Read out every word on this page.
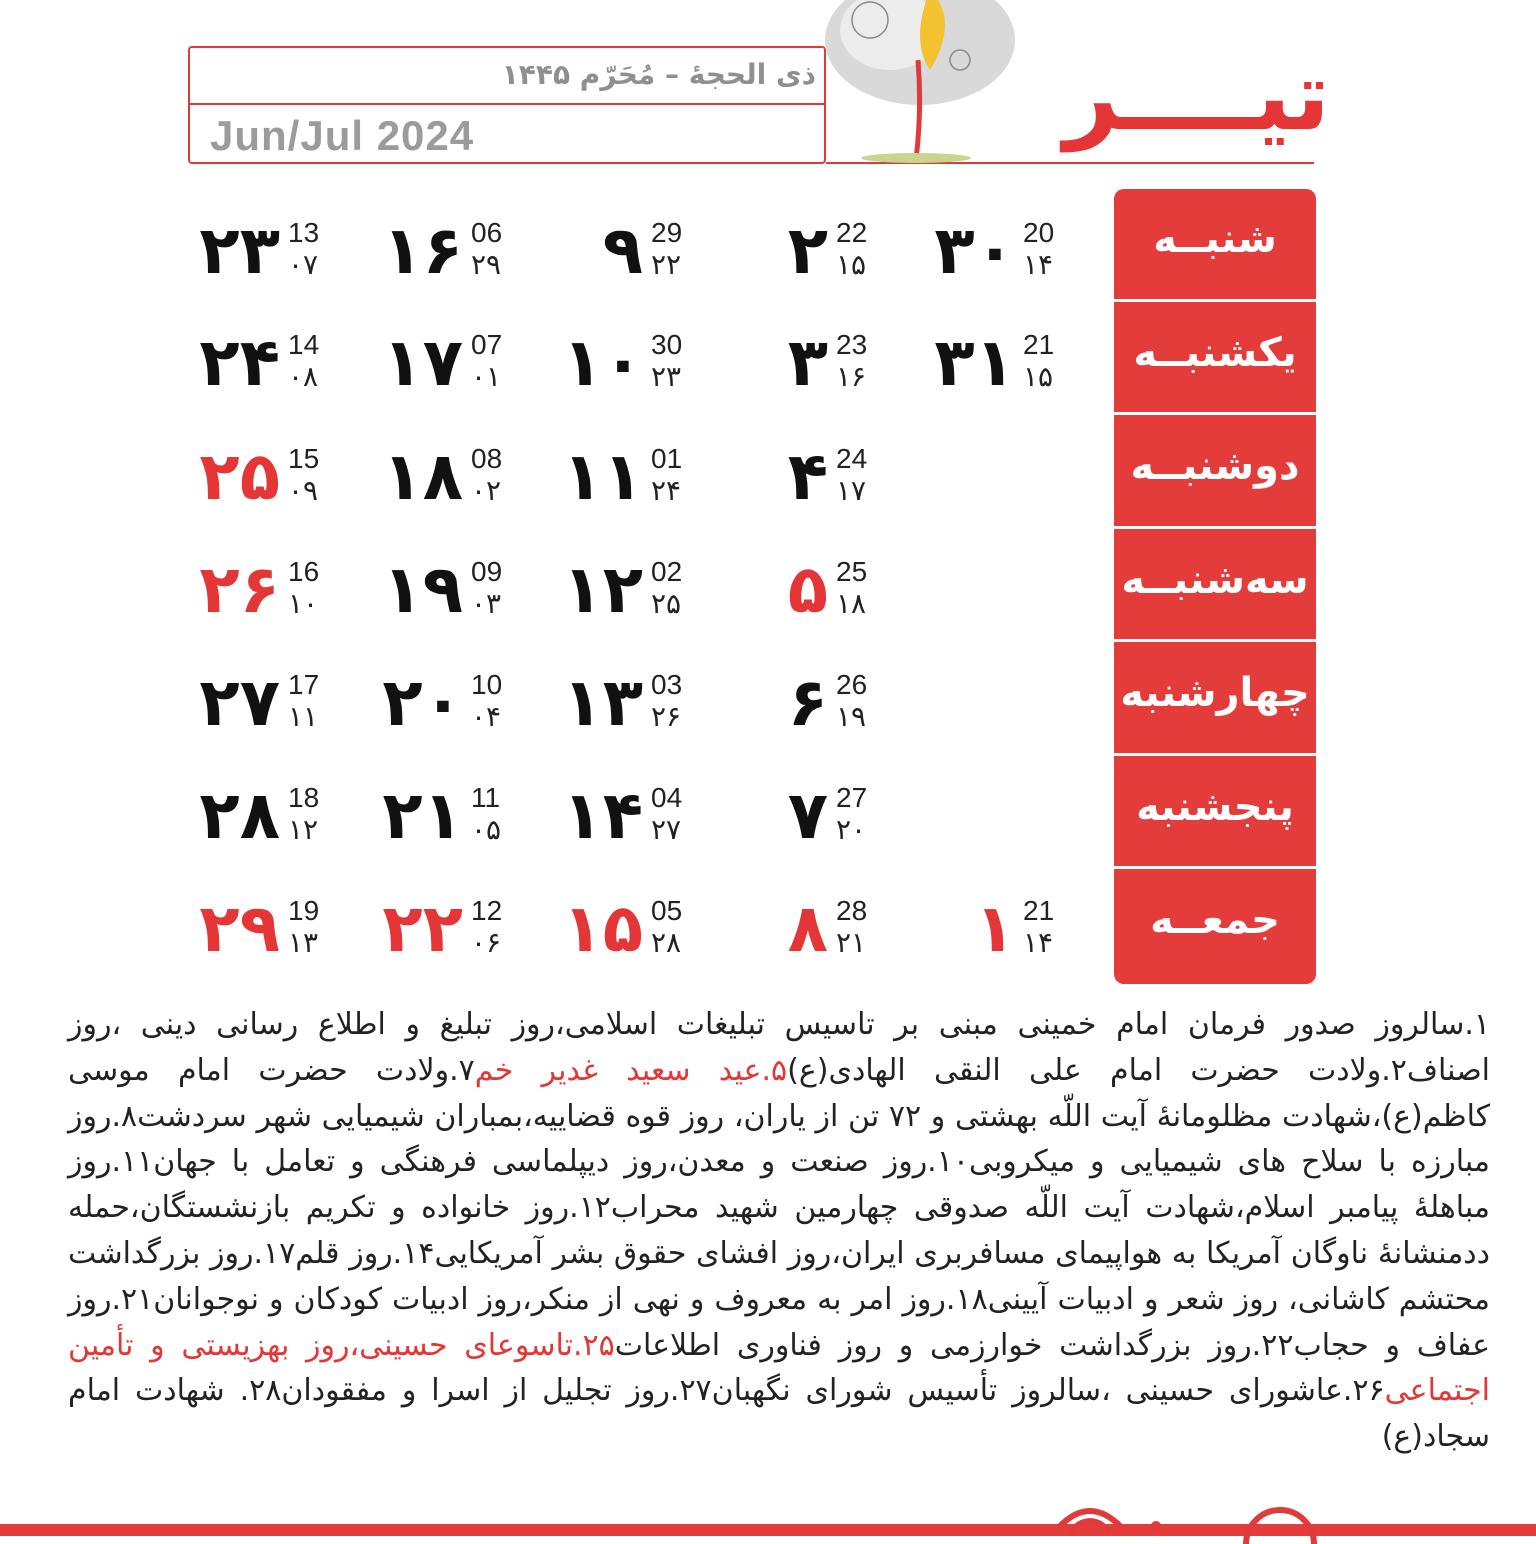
ذی الحجهٔ – مُحَرّم ۱۴۴۵
Jun/Jul 2024	تیــــر
شنبــه
یکشنبــه
دوشنبــه
سه‌شنبــه
چهارشنبه
پنجشنبه
جمعــه
۲۳ 13
۰۷
۲۴ 14
۰۸
۲۵ 15
۰۹
۲۶ 16
۱۰
۲۷ 17
۱۱
۲۸ 18
۱۲
۲۹ 19
۱۳
۱۶ 06
۲۹
۱۷ 07
۰۱
۱۸ 08
۰۲
۱۹ 09
۰۳
۲۰ 10
۰۴
۲۱ 11
۰۵
۲۲ 12
۰۶
۹ 29
۲۲
۱۰ 30
۲۳
۱۱ 01
۲۴
۱۲ 02
۲۵
۱۳ 03
۲۶
۱۴ 04
۲۷
۱۵ 05
۲۸
۲ 22
۱۵
۳ 23
۱۶
۴ 24
۱۷
۵ 25
۱۸
۶ 26
۱۹
۷ 27
۲۰
۸ 28
۲۱
۳۰ 20
۱۴
۳۱ 21
۱۵
۱ 21
۱۴
۱.سالروز صدور فرمان امام خمینی مبنی بر تاسیس تبلیغات اسلامی،روز تبلیغ و اطلاع رسانی دینی ،روز اصناف۲.ولادت حضرت امام علی النقی الهادی(ع)۵.عید سعید غدیر خم۷.ولادت حضرت امام موسی کاظم(ع)،شهادت مظلومانهٔ آیت اللّه بهشتی و ۷۲ تن از یاران، روز قوه قضاییه،بمباران شیمیایی شهر سردشت۸.روز مبارزه با سلاح های شیمیایی و میکروبی۱۰.روز صنعت و معدن،روز دیپلماسی فرهنگی و تعامل با جهان۱۱.روز مباهلهٔ پیامبر اسلام،شهادت آیت اللّه صدوقی چهارمین شهید محراب۱۲.روز خانواده و تکریم بازنشستگان،حمله ددمنشانهٔ ناوگان آمریکا به هواپیمای مسافربری ایران،روز افشای حقوق بشر آمریکایی۱۴.روز قلم۱۷.روز بزرگداشت محتشم کاشانی، روز شعر و ادبیات آیینی۱۸.روز امر به معروف و نهی از منکر،روز ادبیات کودکان و نوجوانان۲۱.روز عفاف و حجاب۲۲.روز بزرگداشت خوارزمی و روز فناوری اطلاعات۲۵.تاسوعای حسینی،روز بهزیستی و تأمین اجتماعی۲۶.عاشورای حسینی ،سالروز تأسیس شورای نگهبان۲۷.روز تجلیل از اسرا و مفقودان۲۸. شهادت امام سجاد(ع)
